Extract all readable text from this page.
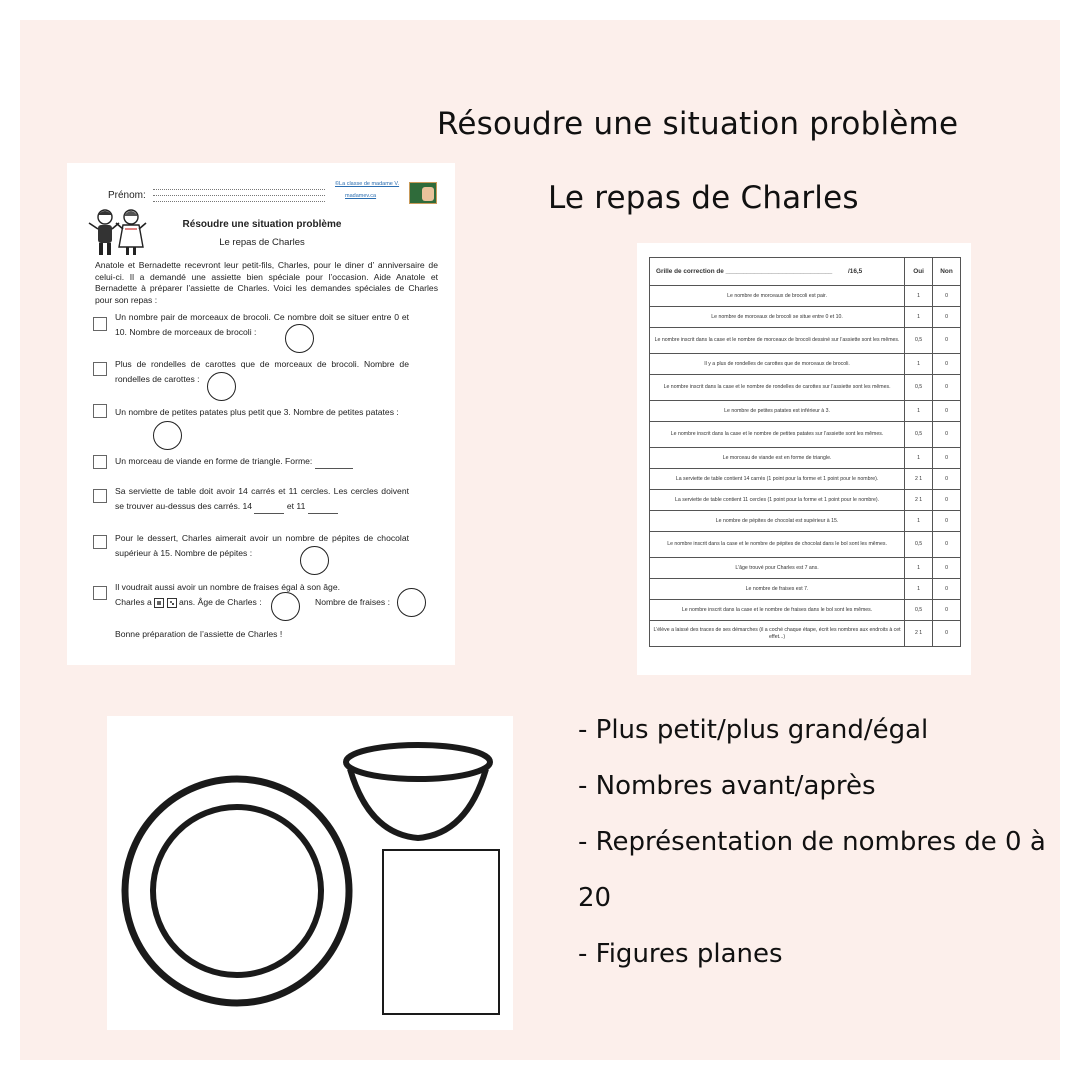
Résoudre une situation problème
Le repas de Charles
Prénom:
©La classe de madame V.
madamev.ca
Résoudre une situation problème
Le repas de Charles
Anatole et Bernadette recevront leur petit-fils, Charles, pour le diner d’ anniversaire de celui-ci. Il a demandé une assiette bien spéciale pour l’occasion. Aide Anatole et Bernadette à préparer l’assiette de Charles. Voici les demandes spéciales de Charles pour son repas :
Un nombre pair de morceaux de brocoli. Ce nombre doit se situer entre 0 et 10. Nombre de morceaux de brocoli :
Plus de rondelles de carottes que de morceaux de brocoli. Nombre de rondelles de carottes :
Un nombre de petites patates plus petit que 3. Nombre de petites patates :
Un morceau de viande en forme de triangle. Forme:
Sa serviette de table doit avoir 14 carrés et 11 cercles. Les cercles doivent se trouver au-dessus des carrés. 14	et 11
Pour le dessert, Charles aimerait avoir un nombre de pépites de chocolat supérieur à 15. Nombre de pépites :
Il voudrait aussi avoir un nombre de fraises égal à son âge.
Charles a
	ans. Âge de Charles :	Nombre de fraises :
Bonne préparation de l’assiette de Charles !
Grille de correction de ______________________________ /16,5	Oui	Non
Le nombre de morceaux de brocoli est pair.	1	0
Le nombre de morceaux de brocoli se situe entre 0 et 10.	1	0
Le nombre inscrit dans la case et le nombre de morceaux de brocoli dessiné sur l’assiette sont les mêmes.	0,5	0
Il y a plus de rondelles de carottes que de morceaux de brocoli.	1	0
Le nombre inscrit dans la case et le nombre de rondelles de carottes sur l’assiette sont les mêmes.	0,5	0
Le nombre de petites patates est inférieur à 3.	1	0
Le nombre inscrit dans la case et le nombre de petites patates sur l’assiette sont les mêmes.	0,5	0
Le morceau de viande est en forme de triangle.	1	0
La serviette de table contient 14 carrés (1 point pour la forme et 1 point pour le nombre).	2 1	0
La serviette de table contient 11 cercles (1 point pour la forme et 1 point pour le nombre).	2 1	0
Le nombre de pépites de chocolat est supérieur à 15.	1	0
Le nombre inscrit dans la case et le nombre de pépites de chocolat dans le bol sont les mêmes.	0,5	0
L’âge trouvé pour Charles est 7 ans.	1	0
Le nombre de fraises est 7.	1	0
Le nombre inscrit dans la case et le nombre de fraises dans le bol sont les mêmes.	0,5	0
L’élève a laissé des traces de ses démarches (il a coché chaque étape, écrit les nombres aux endroits à cet effet...)	2 1	0
- Plus petit/plus grand/égal
- Nombres avant/après
- Représentation de nombres de 0 à 20
- Figures planes
